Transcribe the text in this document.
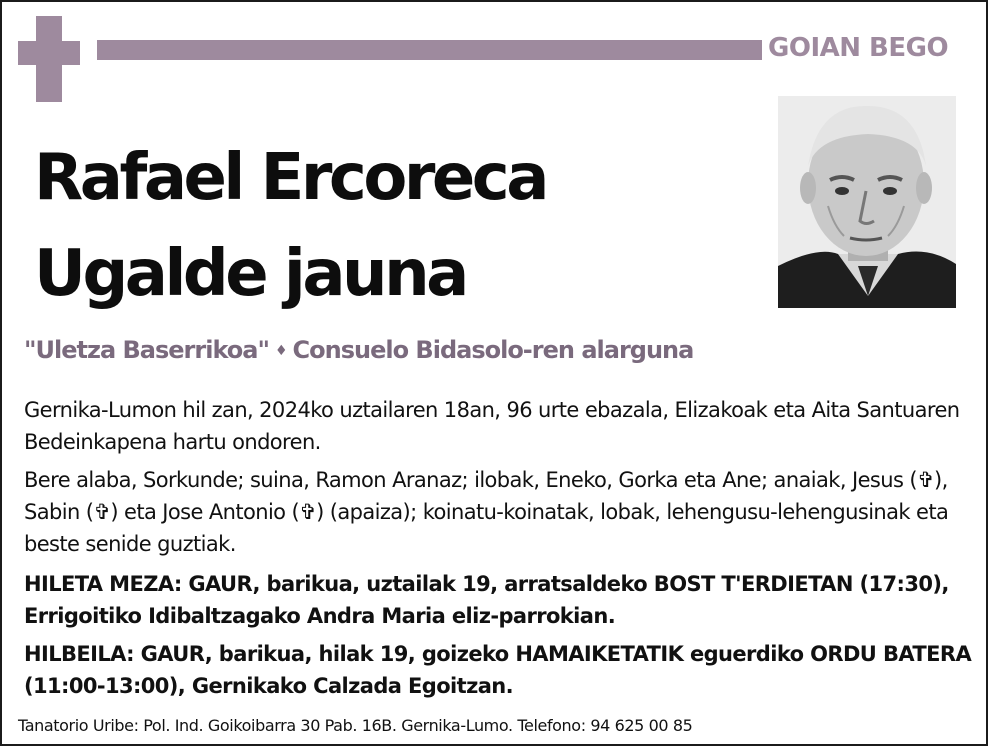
GOIAN BEGO
Rafael Ercoreca
Ugalde jauna
"Uletza Baserrikoa" ♦ Consuelo Bidasolo-ren alarguna

Gernika-Lumon hil zan, 2024ko uztailaren 18an, 96 urte ebazala, Elizakoak eta Aita Santuaren Bedeinkapena hartu ondoren.

Bere alaba, Sorkunde; suina, Ramon Aranaz; ilobak, Eneko, Gorka eta Ane; anaiak, Jesus (✞), Sabin (✞) eta Jose Antonio (✞) (apaiza); koinatu-koinatak, lobak, lehengusu-lehengusinak eta beste senide guztiak.

HILETA MEZA: GAUR, barikua, uztailak 19, arratsaldeko BOST T'ERDIETAN (17:30), Errigoitiko Idibaltzagako Andra Maria eliz-parrokian.

HILBEILA: GAUR, barikua, hilak 19, goizeko HAMAIKETATIK eguerdiko ORDU BATERA (11:00-13:00), Gernikako Calzada Egoitzan.

Tanatorio Uribe: Pol. Ind. Goikoibarra 30 Pab. 16B. Gernika-Lumo. Telefono: 94 625 00 85
